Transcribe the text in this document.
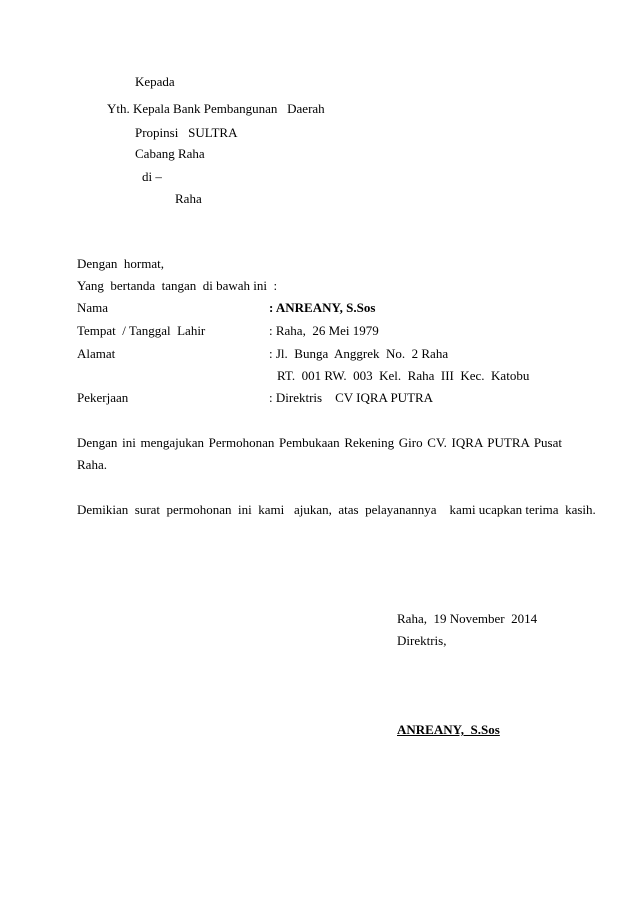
Kepada
Yth. Kepala Bank Pembangunan   Daerah
Propinsi   SULTRA
Cabang Raha
di –
Raha
Dengan  hormat,
Yang  bertanda  tangan  di bawah ini  :
Nama	: ANREANY, S.Sos
Tempat  / Tanggal  Lahir	: Raha,  26 Mei 1979
Alamat	: Jl.  Bunga  Anggrek  No.  2 Raha
RT.  001 RW.  003  Kel.  Raha  III  Kec.  Katobu
Pekerjaan	: Direktris    CV IQRA PUTRA
Dengan ini mengajukan Permohonan Pembukaan Rekening Giro CV. IQRA PUTRA Pusat
Raha.
Demikian  surat  permohonan  ini  kami   ajukan,  atas  pelayanannya    kami ucapkan terima  kasih.
Raha,  19 November  2014
Direktris,
ANREANY,  S.Sos
